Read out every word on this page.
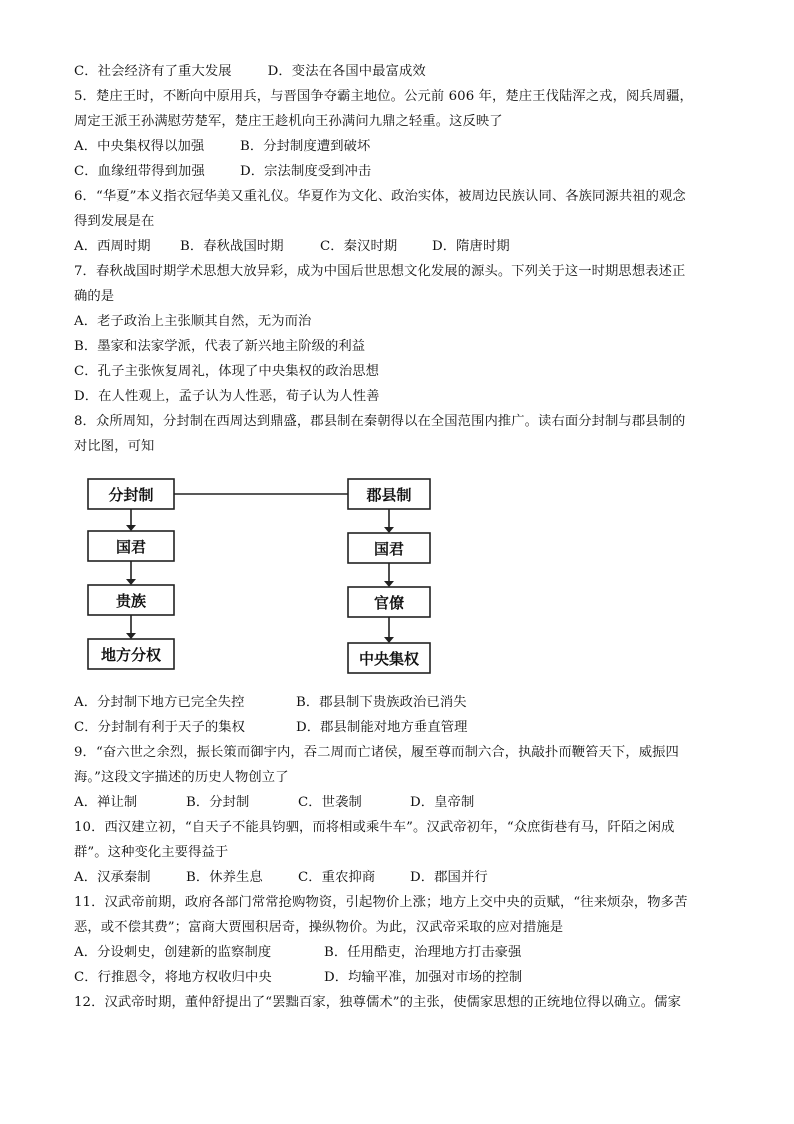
C．社会经济有了重大发展	D．变法在各国中最富成效
5．楚庄王时，不断向中原用兵，与晋国争夺霸主地位。公元前 606 年，楚庄王伐陆浑之戎，阅兵周疆，
周定王派王孙满慰劳楚军，楚庄王趁机向王孙满问九鼎之轻重。这反映了
A．中央集权得以加强	B．分封制度遭到破坏
C．血缘纽带得到加强	D．宗法制度受到冲击
6．“华夏”本义指衣冠华美又重礼仪。华夏作为文化、政治实体，被周边民族认同、各族同源共祖的观念
得到发展是在
A．西周时期 B．春秋战国时期	C．秦汉时期	D．隋唐时期
7．春秋战国时期学术思想大放异彩，成为中国后世思想文化发展的源头。下列关于这一时期思想表述正
确的是
A．老子政治上主张顺其自然，无为而治
B．墨家和法家学派，代表了新兴地主阶级的利益
C．孔子主张恢复周礼，体现了中央集权的政治思想
D．在人性观上，孟子认为人性恶，荀子认为人性善
8．众所周知，分封制在西周达到鼎盛，郡县制在秦朝得以在全国范围内推广。读右面分封制与郡县制的
对比图，可知
分封制
国君
贵族
地方分权
郡县制
国君
官僚
中央集权
A．分封制下地方已完全失控	B．郡县制下贵族政治已消失
C．分封制有利于天子的集权	D．郡县制能对地方垂直管理
9．“奋六世之余烈，振长策而御宇内，吞二周而亡诸侯，履至尊而制六合，执敲扑而鞭笞天下，威振四
海。”这段文字描述的历史人物创立了
A．禅让制	B．分封制	C．世袭制	D．皇帝制
10．西汉建立初，“自天子不能具钧驷，而将相或乘牛车”。汉武帝初年，“众庶街巷有马，阡陌之闲成
群”。这种变化主要得益于
A．汉承秦制	B．休养生息	C．重农抑商	D．郡国并行
11．汉武帝前期，政府各部门常常抢购物资，引起物价上涨；地方上交中央的贡赋，“往来烦杂，物多苦
恶，或不偿其费”；富商大贾囤积居奇，操纵物价。为此，汉武帝采取的应对措施是
A．分设刺史，创建新的监察制度	B．任用酷吏，治理地方打击豪强
C．行推恩令，将地方权收归中央	D．均输平准，加强对市场的控制
12．汉武帝时期，董仲舒提出了“罢黜百家，独尊儒术”的主张，使儒家思想的正统地位得以确立。儒家
